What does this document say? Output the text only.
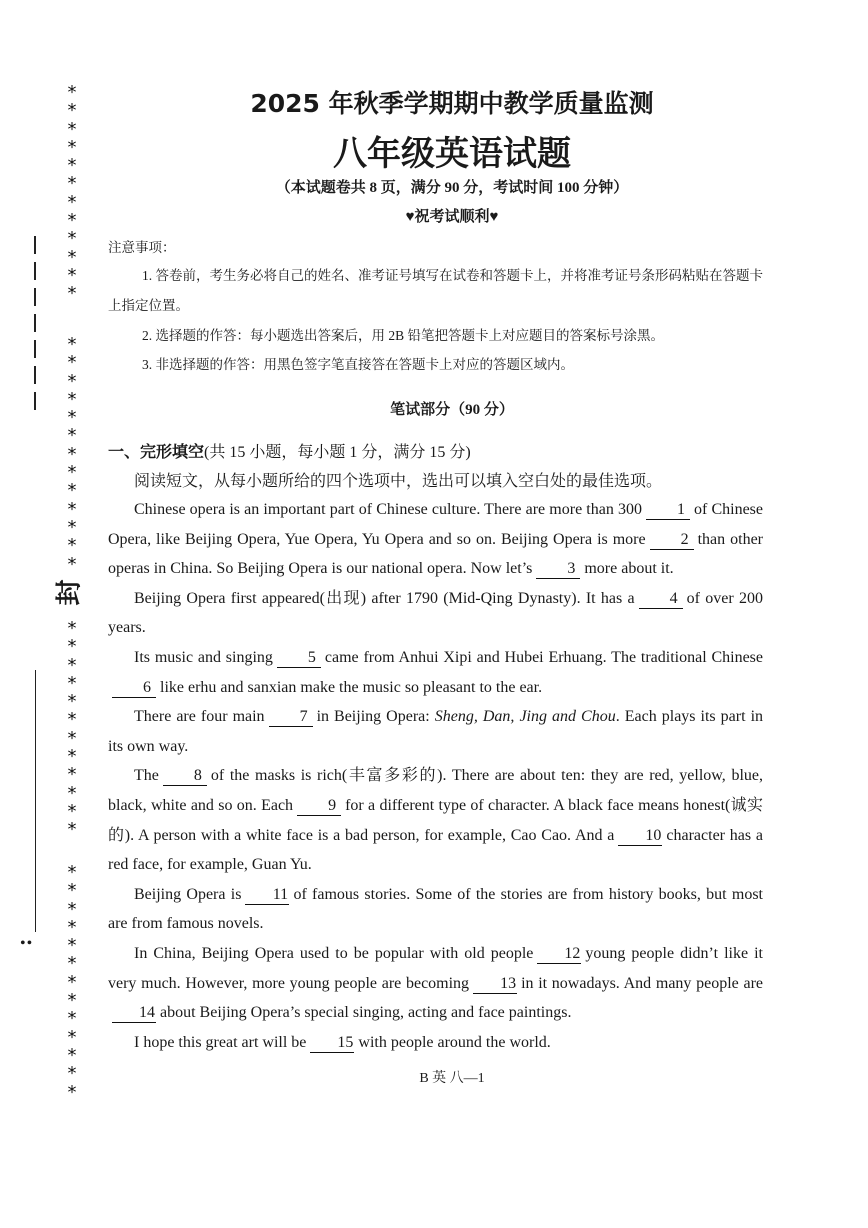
*
*
*
*
*
*
*
*
*
*
*
*
*
*
*
*
*
*
*
*
*
*
*
*
*
*
*
*
*
*
*
*
*
*
*
*
*
*
*
*
*
*
*
*
*
*
*
*
*
*
封
••
2025 年秋季学期期中教学质量监测
八年级英语试题
（本试题卷共 8 页，满分 90 分，考试时间 100 分钟）
♥祝考试顺利♥
注意事项：
1. 答卷前，考生务必将自己的姓名、准考证号填写在试卷和答题卡上，并将准考证号条形码粘贴在答题卡上指定位置。
2. 选择题的作答：每小题选出答案后，用 2B 铅笔把答题卡上对应题目的答案标号涂黑。
3. 非选择题的作答：用黑色签字笔直接答在答题卡上对应的答题区域内。
笔试部分（90 分）
一、完形填空(共 15 小题，每小题 1 分，满分 15 分)
阅读短文，从每小题所给的四个选项中，选出可以填入空白处的最佳选项。

Chinese opera is an important part of Chinese culture. There are more than 300 1 of Chinese Opera, like Beijing Opera, Yue Opera, Yu Opera and so on. Beijing Opera is more 2 than other operas in China. So Beijing Opera is our national opera. Now let’s 3 more about it.

Beijing Opera first appeared(出现) after 1790 (Mid-Qing Dynasty). It has a 4 of over 200 years.

Its music and singing 5 came from Anhui Xipi and Hubei Erhuang. The traditional Chinese6 like erhu and sanxian make the music so pleasant to the ear.

There are four main 7 in Beijing Opera: Sheng, Dan, Jing and Chou. Each plays its part in its own way.

The 8 of the masks is rich(丰富多彩的). There are about ten: they are red, yellow, blue, black, white and so on. Each 9 for a different type of character. A black face means honest(诚实的). A person with a white face is a bad person, for example, Cao Cao. And a 10 character has a red face, for example, Guan Yu.

Beijing Opera is 11 of famous stories. Some of the stories are from history books, but most are from famous novels.

In China, Beijing Opera used to be popular with old people 12 young people didn’t like it very much. However, more young people are becoming 13 in it nowadays. And many people are14 about Beijing Opera’s special singing, acting and face paintings.

I hope this great art will be 15 with people around the world.

B 英 八—1
